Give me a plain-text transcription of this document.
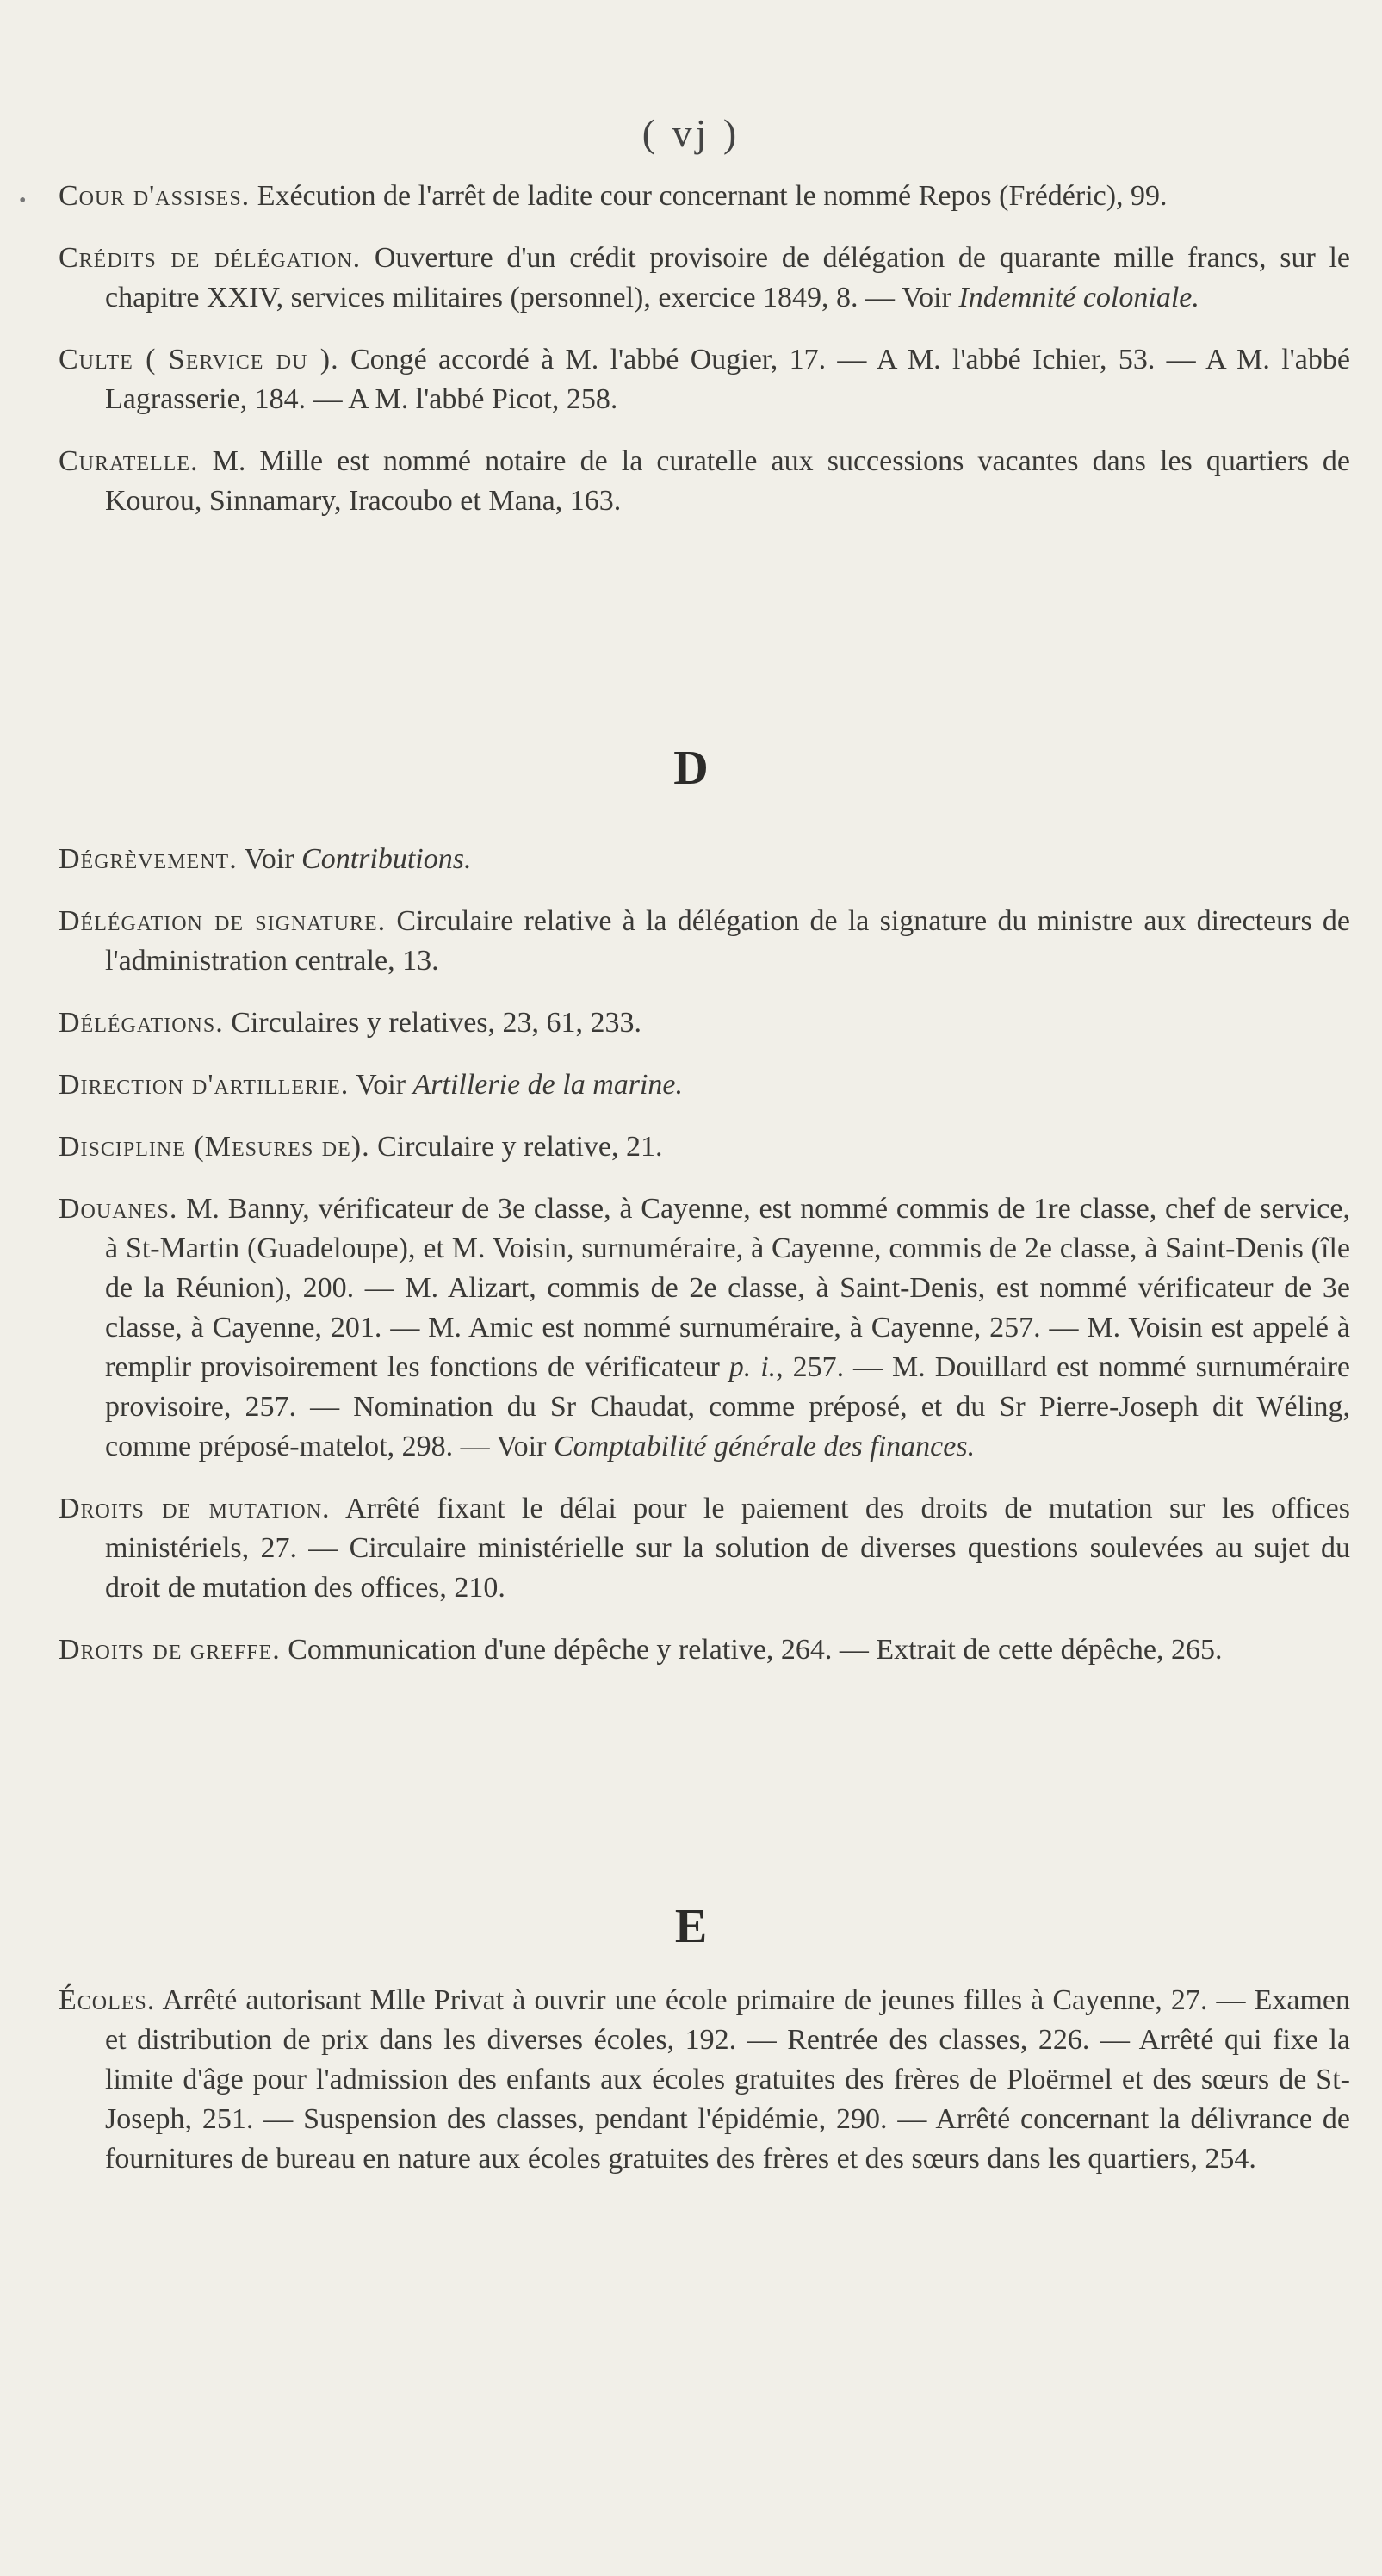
( vj )

Cour d'assises. Exécution de l'arrêt de ladite cour concernant le nommé Repos (Frédéric), 99.

Crédits de délégation. Ouverture d'un crédit provisoire de délégation de quarante mille francs, sur le chapitre XXIV, services militaires (personnel), exercice 1849, 8. — Voir Indemnité coloniale.

Culte ( Service du ). Congé accordé à M. l'abbé Ougier, 17. — A M. l'abbé Ichier, 53. — A M. l'abbé Lagrasserie, 184. — A M. l'abbé Picot, 258.

Curatelle. M. Mille est nommé notaire de la curatelle aux successions vacantes dans les quartiers de Kourou, Sinnamary, Iracoubo et Mana, 163.

D

Dégrèvement. Voir Contributions.

Délégation de signature. Circulaire relative à la délégation de la signature du ministre aux directeurs de l'administration centrale, 13.

Délégations. Circulaires y relatives, 23, 61, 233.

Direction d'artillerie. Voir Artillerie de la marine.

Discipline (Mesures de). Circulaire y relative, 21.

Douanes. M. Banny, vérificateur de 3e classe, à Cayenne, est nommé commis de 1re classe, chef de service, à St-Martin (Guadeloupe), et M. Voisin, surnuméraire, à Cayenne, commis de 2e classe, à Saint-Denis (île de la Réunion), 200. — M. Alizart, commis de 2e classe, à Saint-Denis, est nommé vérificateur de 3e classe, à Cayenne, 201. — M. Amic est nommé surnuméraire, à Cayenne, 257. — M. Voisin est appelé à remplir provisoirement les fonctions de vérificateur p. i., 257. — M. Douillard est nommé surnuméraire provisoire, 257. — Nomination du Sr Chaudat, comme préposé, et du Sr Pierre-Joseph dit Wéling, comme préposé-matelot, 298. — Voir Comptabilité générale des finances.

Droits de mutation. Arrêté fixant le délai pour le paiement des droits de mutation sur les offices ministériels, 27. — Circulaire ministérielle sur la solution de diverses questions soulevées au sujet du droit de mutation des offices, 210.

Droits de greffe. Communication d'une dépêche y relative, 264. — Extrait de cette dépêche, 265.

E

Écoles. Arrêté autorisant Mlle Privat à ouvrir une école primaire de jeunes filles à Cayenne, 27. — Examen et distribution de prix dans les diverses écoles, 192. — Rentrée des classes, 226. — Arrêté qui fixe la limite d'âge pour l'admission des enfants aux écoles gratuites des frères de Ploërmel et des sœurs de St-Joseph, 251. — Suspension des classes, pendant l'épidémie, 290. — Arrêté concernant la délivrance de fournitures de bureau en nature aux écoles gratuites des frères et des sœurs dans les quartiers, 254.

•
